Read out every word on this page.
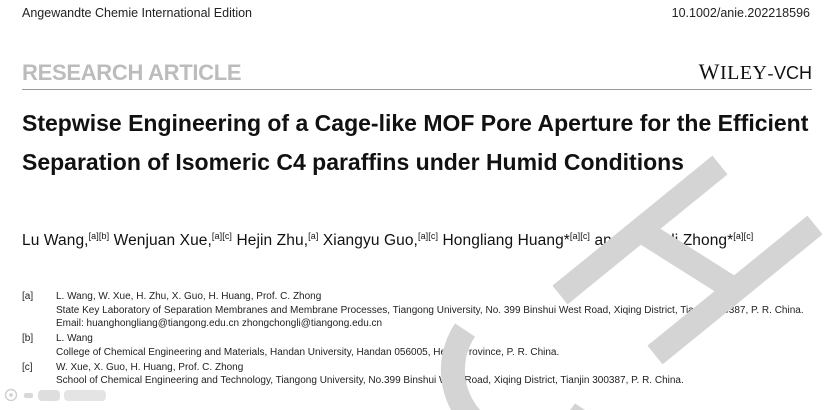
Angewandte Chemie International Edition	10.1002/anie.202218596
RESEARCH ARTICLE	WILEY-VCH
Stepwise Engineering of a Cage-like MOF Pore Aperture for the Efficient Separation of Isomeric C4 paraffins under Humid Conditions
Lu Wang,[a][b] Wenjuan Xue,[a][c] Hejin Zhu,[a] Xiangyu Guo,[a][c] Hongliang Huang*[a][c] and Chongli Zhong*[a][c]
[a]	L. Wang, W. Xue, H. Zhu, X. Guo, H. Huang, Prof. C. Zhong
State Key Laboratory of Separation Membranes and Membrane Processes, Tiangong University, No. 399 Binshui West Road, Xiqing District, Tianjin 300387, P. R. China.
Email: huanghongliang@tiangong.edu.cn zhongchongli@tiangong.edu.cn
[b]	L. Wang
College of Chemical Engineering and Materials, Handan University, Handan 056005, Hebei Province, P. R. China.
[c]	W. Xue, X. Guo, H. Huang, Prof. C. Zhong
School of Chemical Engineering and Technology, Tiangong University, No.399 Binshui West Road, Xiqing District, Tianjin 300387, P. R. China.
